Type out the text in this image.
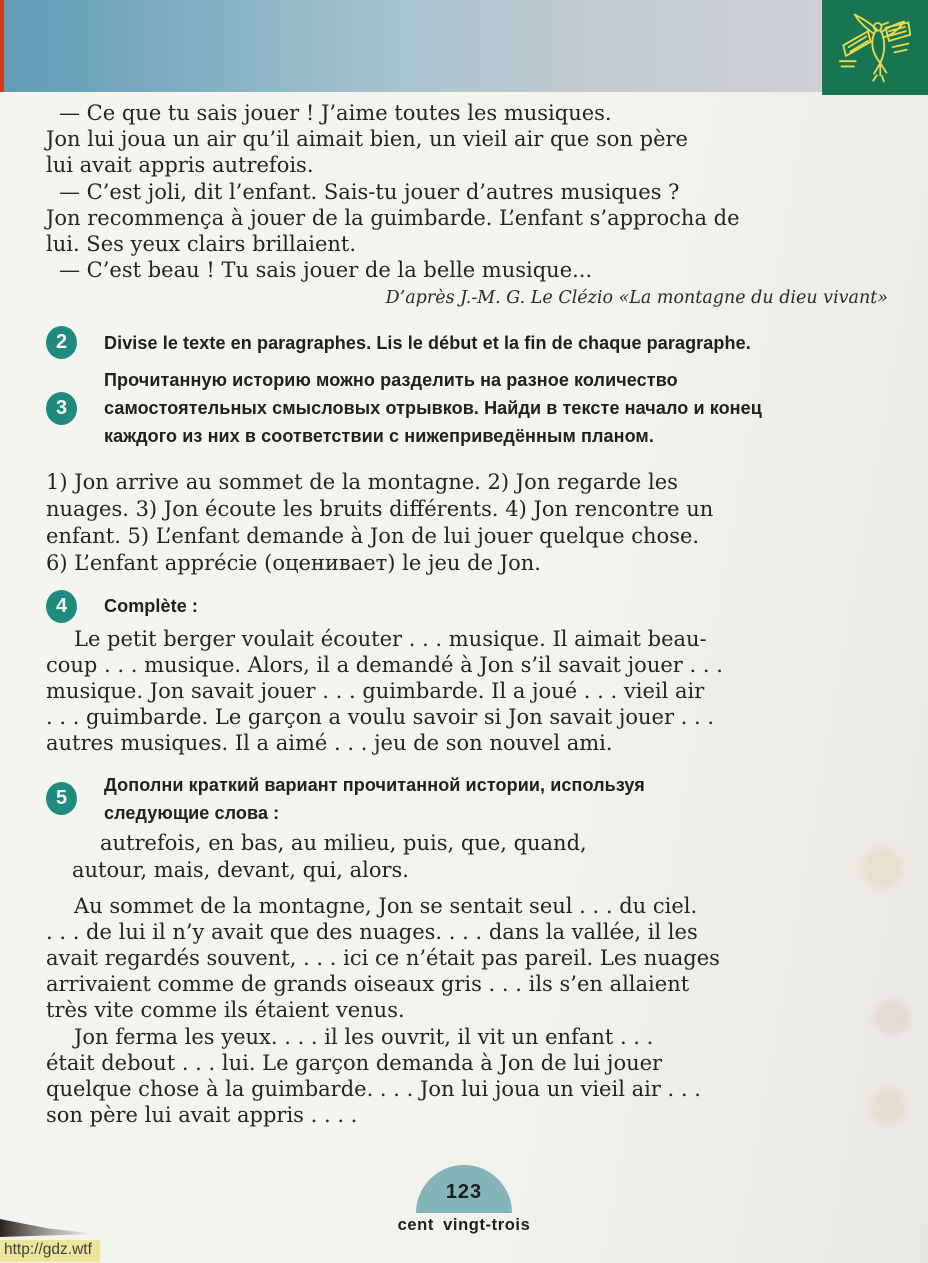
— Ce que tu sais jouer ! J’aime toutes les musiques.
Jon lui joua un air qu’il aimait bien, un vieil air que son père
lui avait appris autrefois.
— C’est joli, dit l’enfant. Sais-tu jouer d’autres musiques ?
Jon recommença à jouer de la guimbarde. L’enfant s’approcha de
lui. Ses yeux clairs brillaient.
— C’est beau ! Tu sais jouer de la belle musique...
D’après J.-M. G. Le Clézio «La montagne du dieu vivant»
2	Divise le texte en paragraphes. Lis le début et la fin de chaque paragraphe.
3
Прочитанную историю можно разделить на разное количество
самостоятельных смысловых отрывков. Найди в тексте начало и конец
каждого из них в соответствии с нижеприведённым планом.
1) Jon arrive au sommet de la montagne. 2) Jon regarde les
nuages. 3) Jon écoute les bruits différents. 4) Jon rencontre un
enfant. 5) L’enfant demande à Jon de lui jouer quelque chose.
6) L’enfant apprécie (оценивает) le jeu de Jon.
4	Complète :
Le petit berger voulait écouter . . . musique. Il aimait beau-
coup . . . musique. Alors, il a demandé à Jon s’il savait jouer . . .
musique. Jon savait jouer . . . guimbarde. Il a joué . . . vieil air
. . . guimbarde. Le garçon a voulu savoir si Jon savait jouer . . .
autres musiques. Il a aimé . . . jeu de son nouvel ami.
5
Дополни краткий вариант прочитанной истории, используя
следующие слова :
autrefois, en bas, au milieu, puis, que, quand,
autour, mais, devant, qui, alors.
Au sommet de la montagne, Jon se sentait seul . . . du ciel.
. . . de lui il n’y avait que des nuages. . . . dans la vallée, il les
avait regardés souvent, . . . ici ce n’était pas pareil. Les nuages
arrivaient comme de grands oiseaux gris . . . ils s’en allaient
très vite comme ils étaient venus.
Jon ferma les yeux. . . . il les ouvrit, il vit un enfant . . .
était debout . . . lui. Le garçon demanda à Jon de lui jouer
quelque chose à la guimbarde. . . . Jon lui joua un vieil air . . .
son père lui avait appris . . . .
123
cent vingt-trois
http://gdz.wtf
